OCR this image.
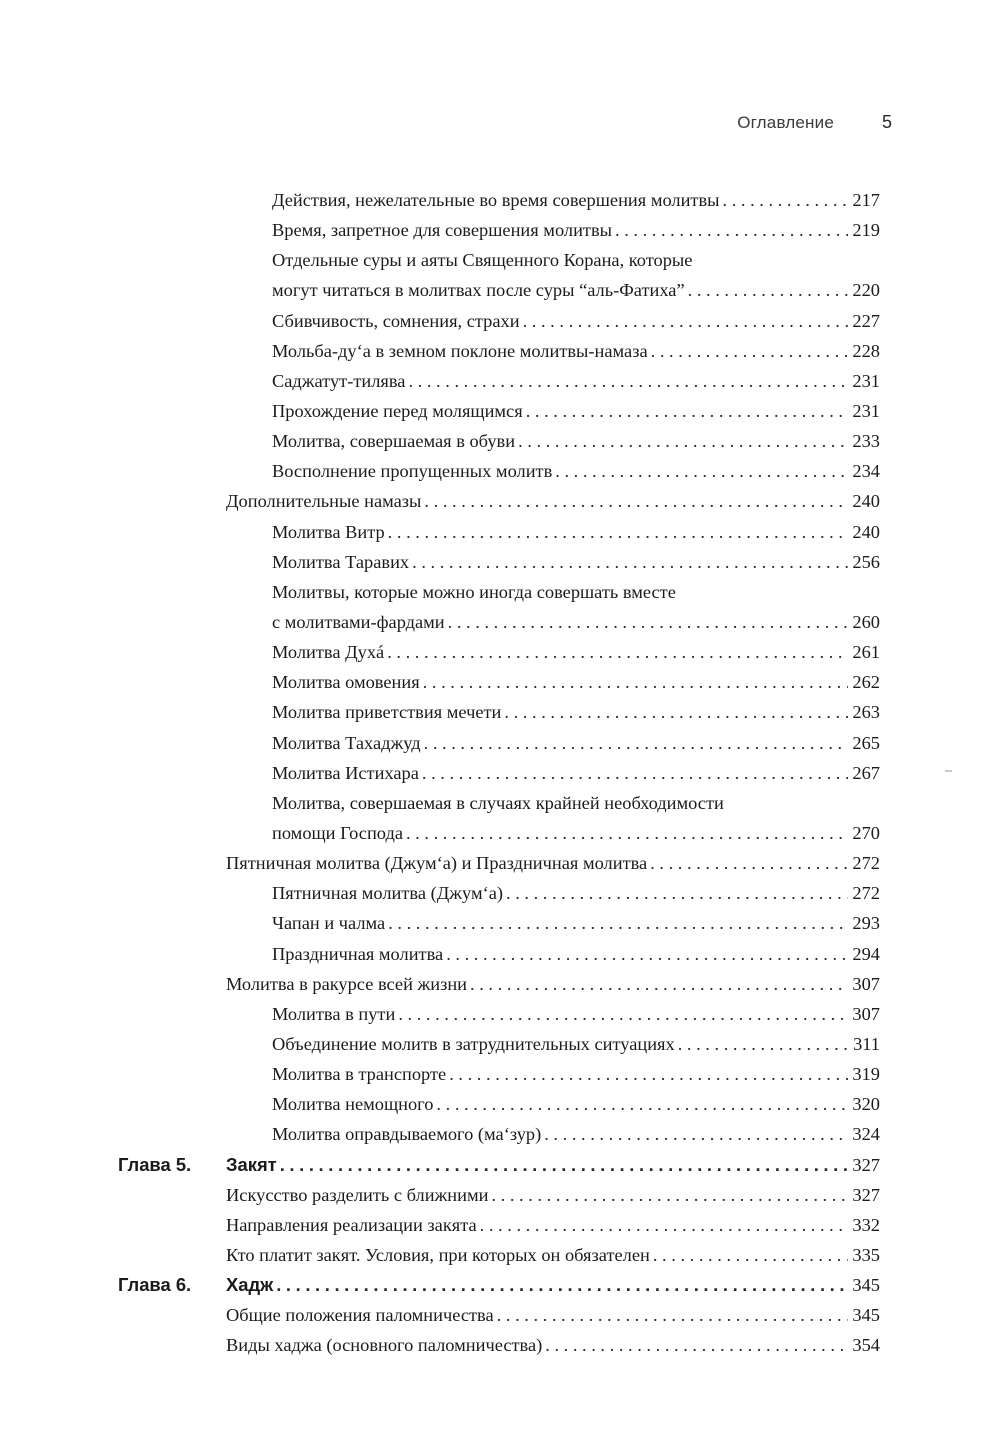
Оглавление	5
Действия, нежелательные во время совершения молитвы .....	217
Время, запретное для совершения молитвы .....	219
Отдельные суры и аяты Священного Корана, которые
могут читаться в молитвах после суры “аль-Фатиха” .....	220
Сбивчивость, сомнения, страхи .....	227
Мольба-ду‘а в земном поклоне молитвы-намаза .....	228
Саджатут-тилява .....	231
Прохождение перед молящимся .....	231
Молитва, совершаемая в обуви .....	233
Восполнение пропущенных молитв .....	234
Дополнительные намазы .....	240
Молитва Витр .....	240
Молитва Таравих .....	256
Молитвы, которые можно иногда совершать вместе
с молитвами-фардами .....	260
Молитва Духá .....	261
Молитва омовения .....	262
Молитва приветствия мечети .....	263
Молитва Тахаджуд .....	265
Молитва Истихара .....	267
Молитва, совершаемая в случаях крайней необходимости
помощи Господа .....	270
Пятничная молитва (Джум‘а) и Праздничная молитва .....	272
Пятничная молитва (Джум‘а) .....	272
Чапан и чалма .....	293
Праздничная молитва .....	294
Молитва в ракурсе всей жизни .....	307
Молитва в пути .....	307
Объединение молитв в затруднительных ситуациях .....	311
Молитва в транспорте .....	319
Молитва немощного .....	320
Молитва оправдываемого (ма‘зур) .....	324
Глава 5. Закят .....	327
Искусство разделить с ближними .....	327
Направления реализации закята .....	332
Кто платит закят. Условия, при которых он обязателен .....	335
Глава 6. Хадж .....	345
Общие положения паломничества .....	345
Виды хаджа (основного паломничества) .....	354
